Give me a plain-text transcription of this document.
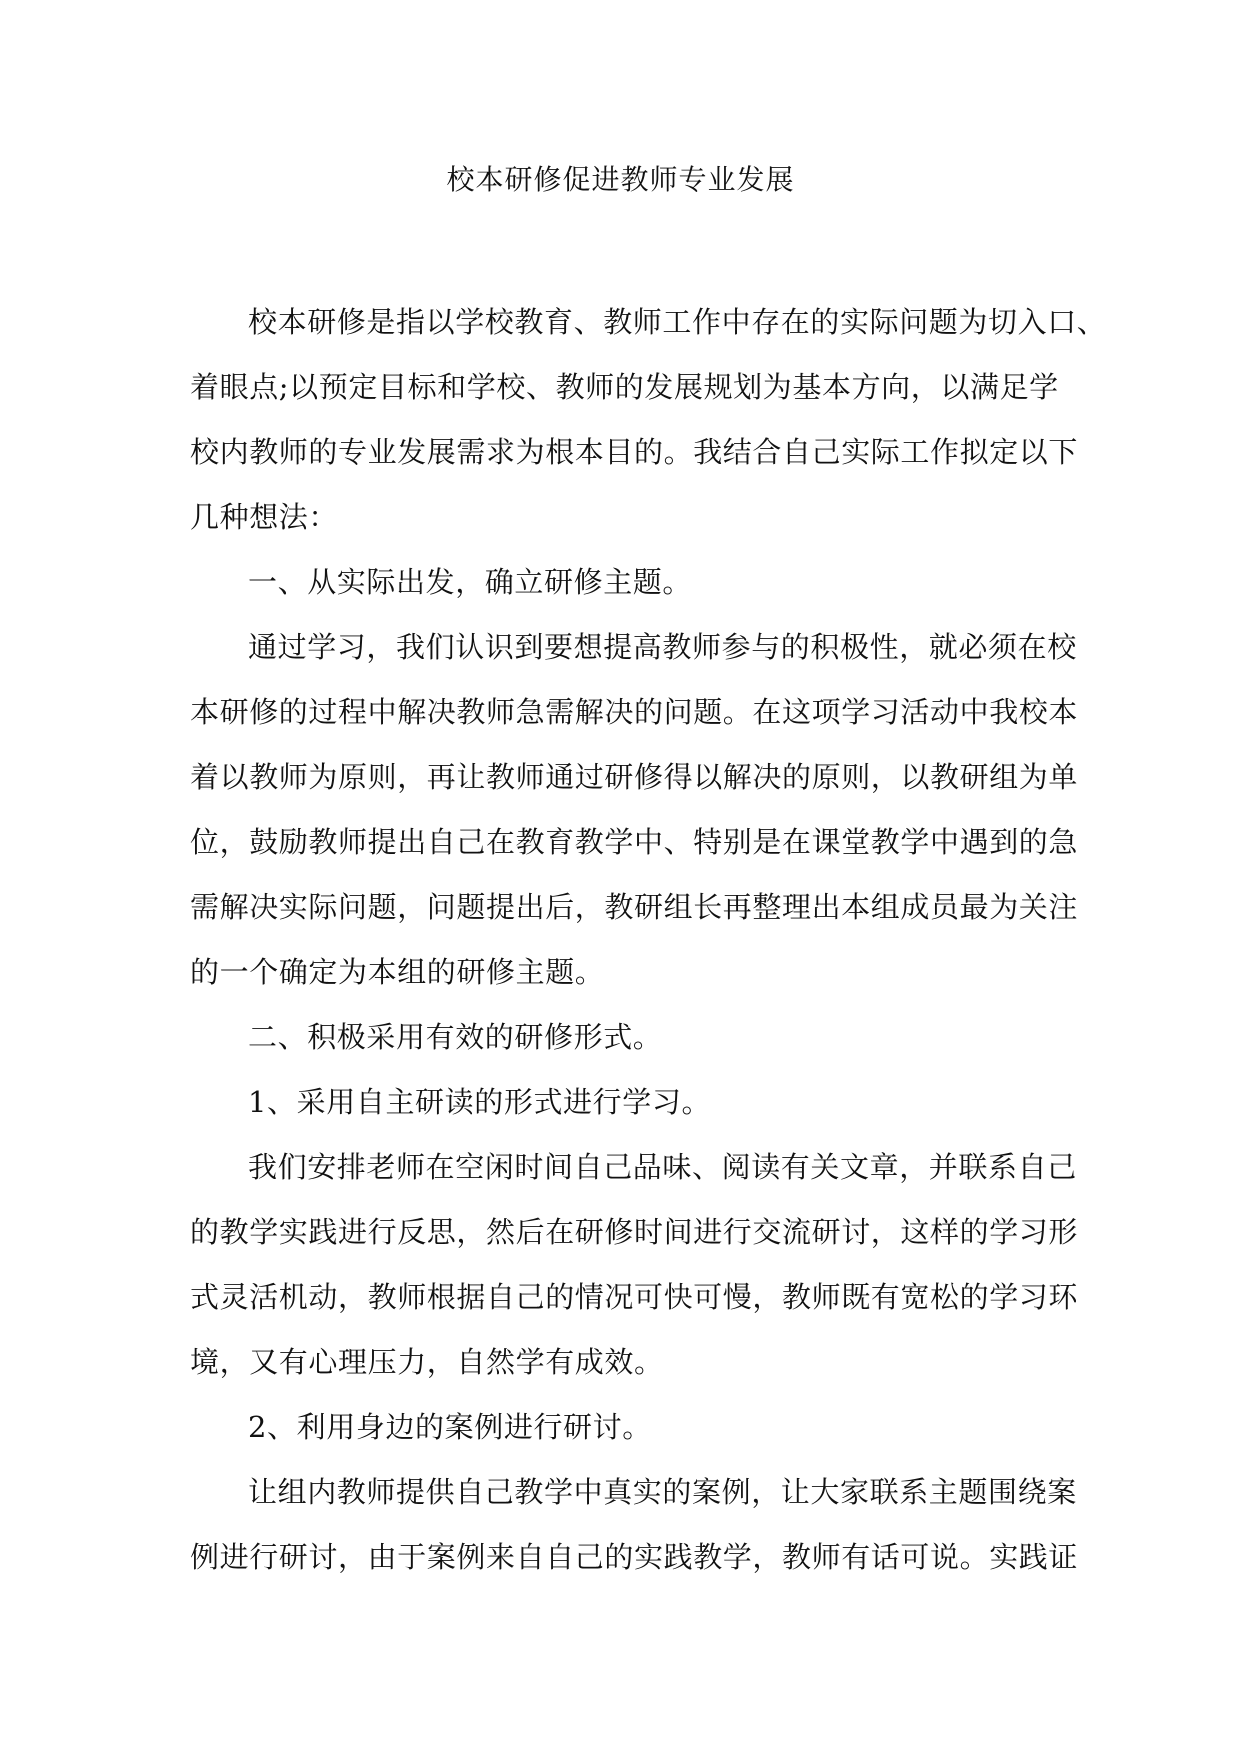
校本研修促进教师专业发展
校本研修是指以学校教育、教师工作中存在的实际问题为切入口、
着眼点;以预定目标和学校、教师的发展规划为基本方向，以满足学
校内教师的专业发展需求为根本目的。我结合自己实际工作拟定以下
几种想法：
一、从实际出发，确立研修主题。
通过学习，我们认识到要想提高教师参与的积极性，就必须在校
本研修的过程中解决教师急需解决的问题。在这项学习活动中我校本
着以教师为原则，再让教师通过研修得以解决的原则，以教研组为单
位，鼓励教师提出自己在教育教学中、特别是在课堂教学中遇到的急
需解决实际问题，问题提出后，教研组长再整理出本组成员最为关注
的一个确定为本组的研修主题。
二、积极采用有效的研修形式。
1、采用自主研读的形式进行学习。
我们安排老师在空闲时间自己品味、阅读有关文章，并联系自己
的教学实践进行反思，然后在研修时间进行交流研讨，这样的学习形
式灵活机动，教师根据自己的情况可快可慢，教师既有宽松的学习环
境，又有心理压力，自然学有成效。
2、利用身边的案例进行研讨。
让组内教师提供自己教学中真实的案例，让大家联系主题围绕案
例进行研讨，由于案例来自自己的实践教学，教师有话可说。实践证
